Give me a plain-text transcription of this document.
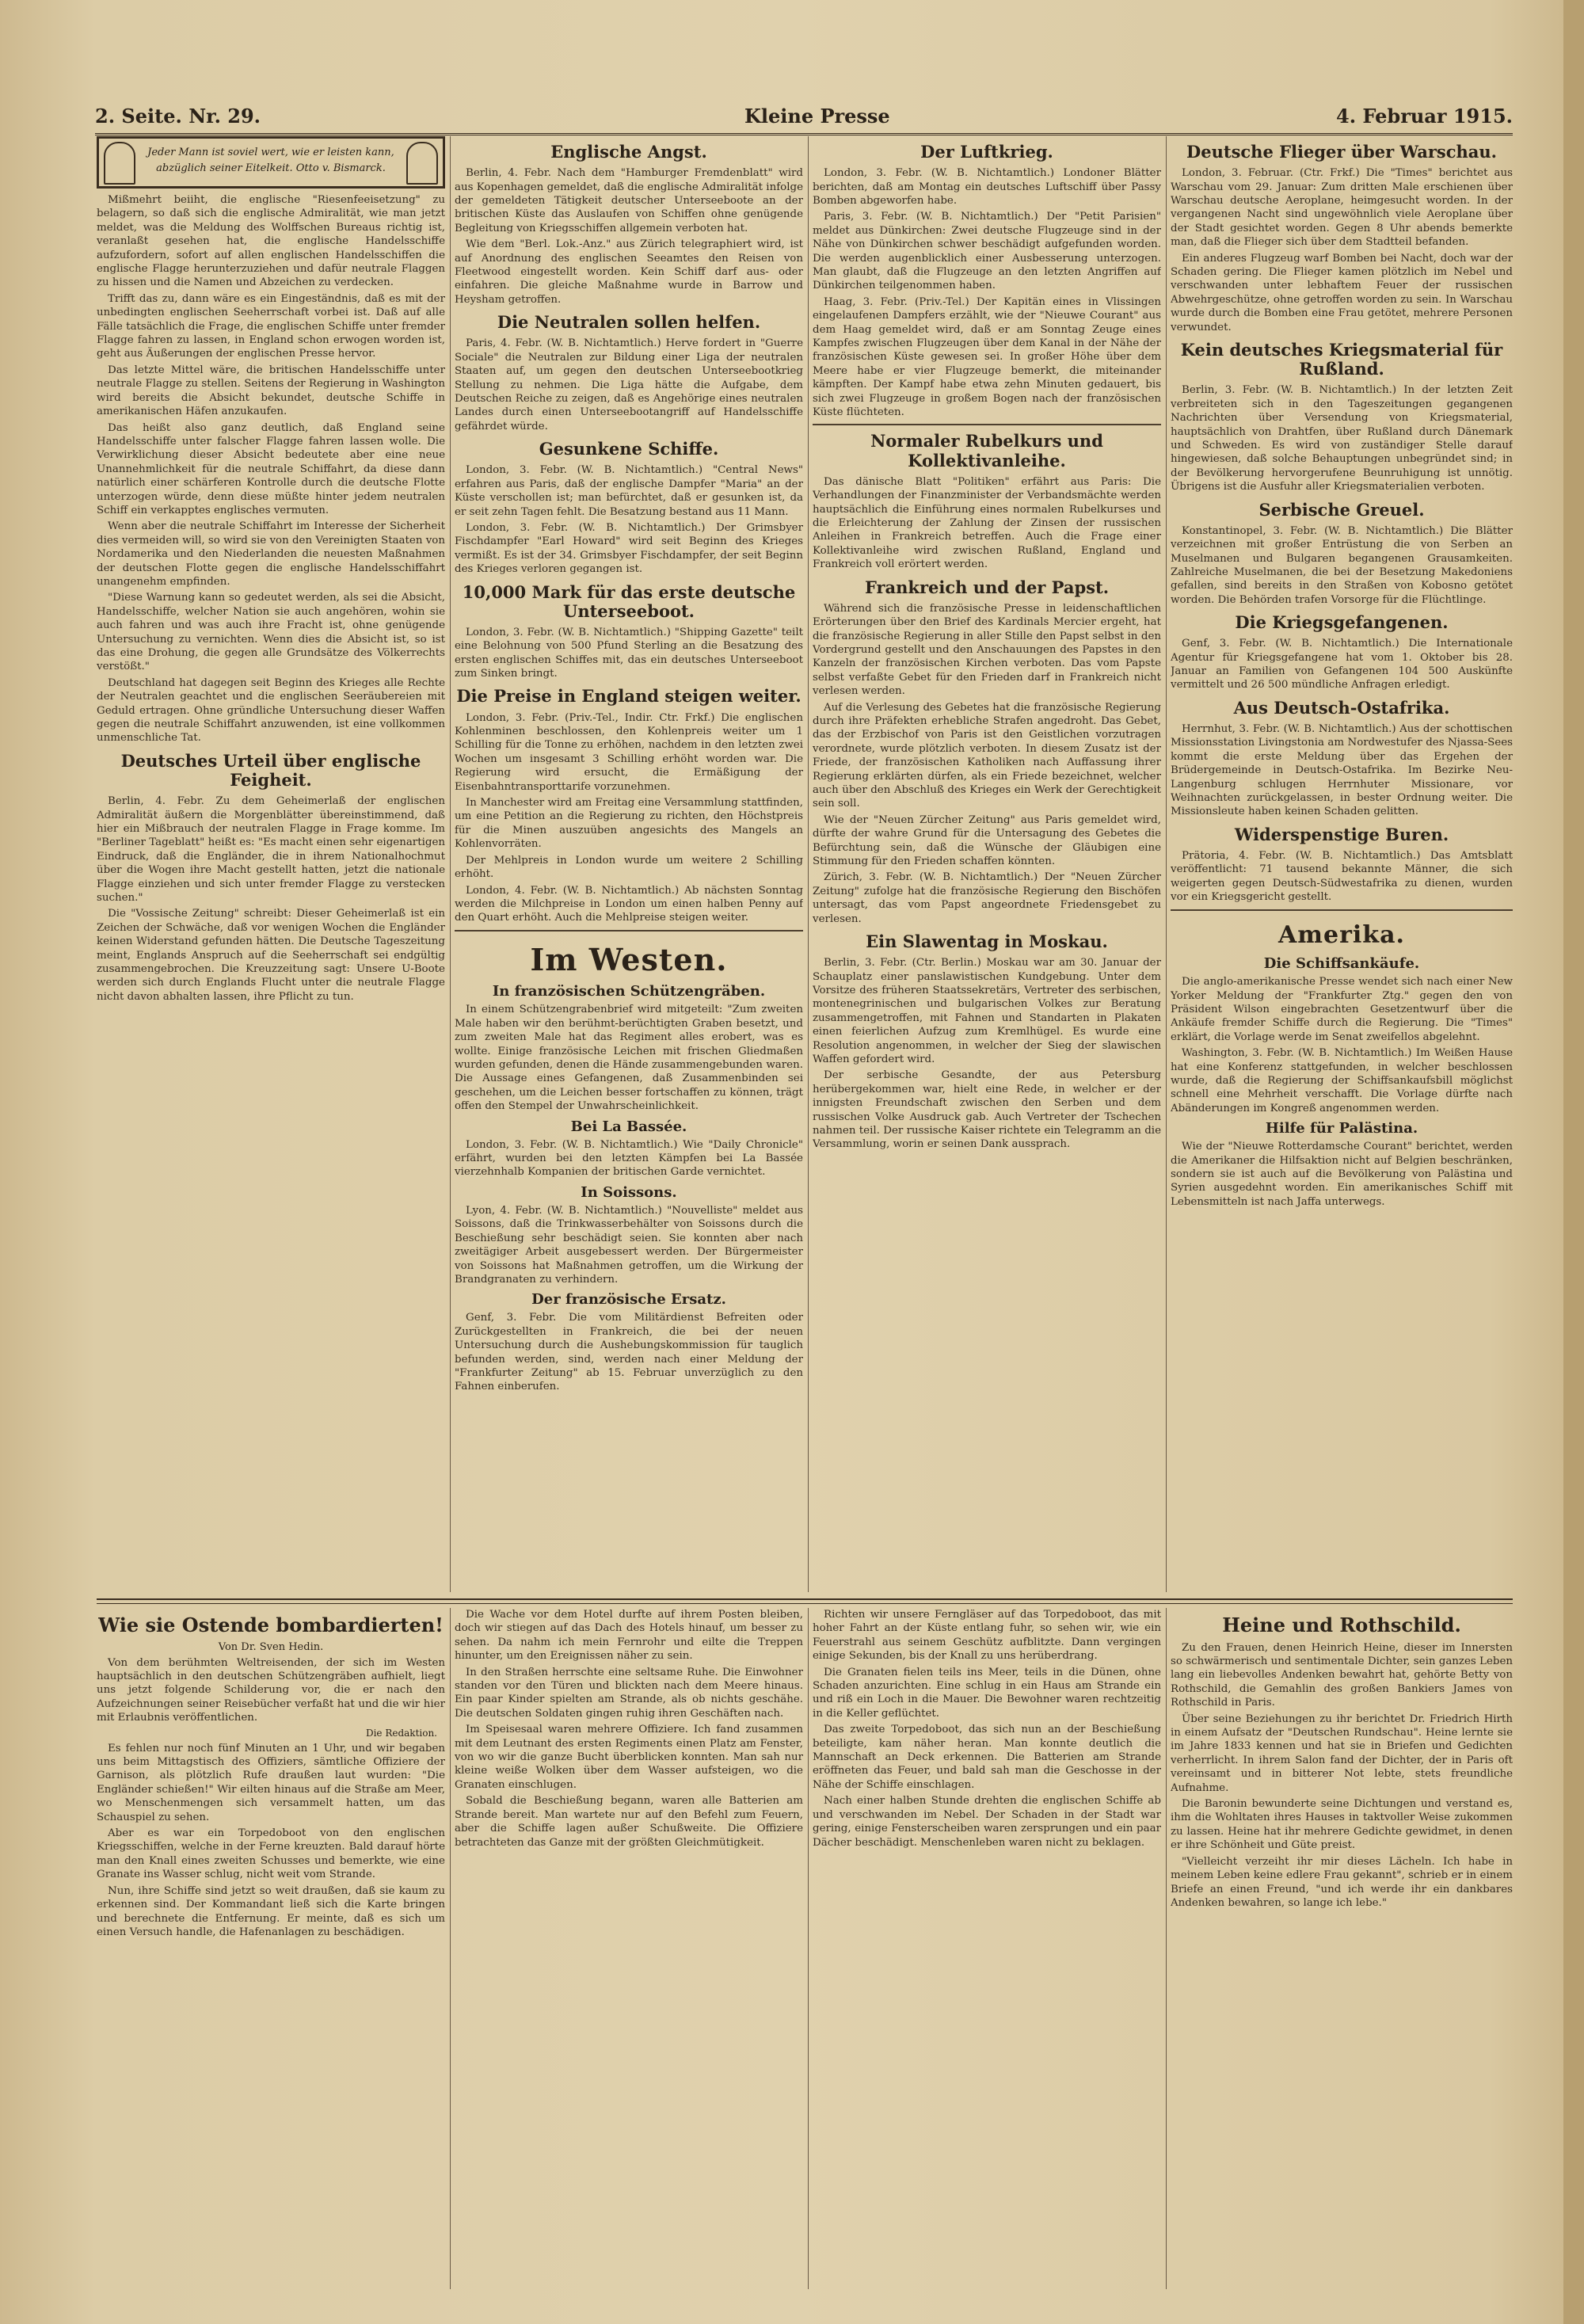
2. Seite. Nr. 29.	Kleine Presse	4. Februar 1915.
Jeder Mann ist soviel wert, wie er leisten kann, abzüglich seiner Eitelkeit. Otto v. Bismarck.

Mißmehrt beiiht, die englische "Riesenfeeisetzung" zu belagern, so daß sich die englische Admiralität, wie man jetzt meldet, was die Meldung des Wolffschen Bureaus richtig ist, veranlaßt gesehen hat, die englische Handelsschiffe aufzufordern, sofort auf allen englischen Handelsschiffen die englische Flagge herunterzuziehen und dafür neutrale Flaggen zu hissen und die Namen und Abzeichen zu verdecken.

Trifft das zu, dann wäre es ein Eingeständnis, daß es mit der unbedingten englischen Seeherrschaft vorbei ist. Daß auf alle Fälle tatsächlich die Frage, die englischen Schiffe unter fremder Flagge fahren zu lassen, in England schon erwogen worden ist, geht aus Äußerungen der englischen Presse hervor.

Das letzte Mittel wäre, die britischen Handelsschiffe unter neutrale Flagge zu stellen. Seitens der Regierung in Washington wird bereits die Absicht bekundet, deutsche Schiffe in amerikanischen Häfen anzukaufen.

Das heißt also ganz deutlich, daß England seine Handelsschiffe unter falscher Flagge fahren lassen wolle. Die Verwirklichung dieser Absicht bedeutete aber eine neue Unannehmlichkeit für die neutrale Schiffahrt, da diese dann natürlich einer schärferen Kontrolle durch die deutsche Flotte unterzogen würde, denn diese müßte hinter jedem neutralen Schiff ein verkapptes englisches vermuten.

Wenn aber die neutrale Schiffahrt im Interesse der Sicherheit dies vermeiden will, so wird sie von den Vereinigten Staaten von Nordamerika und den Niederlanden die neuesten Maßnahmen der deutschen Flotte gegen die englische Handelsschiffahrt unangenehm empfinden.

"Diese Warnung kann so gedeutet werden, als sei die Absicht, Handelsschiffe, welcher Nation sie auch angehören, wohin sie auch fahren und was auch ihre Fracht ist, ohne genügende Untersuchung zu vernichten. Wenn dies die Absicht ist, so ist das eine Drohung, die gegen alle Grundsätze des Völkerrechts verstößt."

Deutschland hat dagegen seit Beginn des Krieges alle Rechte der Neutralen geachtet und die englischen Seeräubereien mit Geduld ertragen. Ohne gründliche Untersuchung dieser Waffen gegen die neutrale Schiffahrt anzuwenden, ist eine vollkommen unmenschliche Tat.

Deutsches Urteil über englische Feigheit.

Berlin, 4. Febr. Zu dem Geheimerlaß der englischen Admiralität äußern die Morgenblätter übereinstimmend, daß hier ein Mißbrauch der neutralen Flagge in Frage komme. Im "Berliner Tageblatt" heißt es: "Es macht einen sehr eigenartigen Eindruck, daß die Engländer, die in ihrem Nationalhochmut über die Wogen ihre Macht gestellt hatten, jetzt die nationale Flagge einziehen und sich unter fremder Flagge zu verstecken suchen."

Die "Vossische Zeitung" schreibt: Dieser Geheimerlaß ist ein Zeichen der Schwäche, daß vor wenigen Wochen die Engländer keinen Widerstand gefunden hätten. Die Deutsche Tageszeitung meint, Englands Anspruch auf die Seeherrschaft sei endgültig zusammengebrochen. Die Kreuzzeitung sagt: Unsere U-Boote werden sich durch Englands Flucht unter die neutrale Flagge nicht davon abhalten lassen, ihre Pflicht zu tun.

Englische Angst.

Berlin, 4. Febr. Nach dem "Hamburger Fremdenblatt" wird aus Kopenhagen gemeldet, daß die englische Admiralität infolge der gemeldeten Tätigkeit deutscher Unterseeboote an der britischen Küste das Auslaufen von Schiffen ohne genügende Begleitung von Kriegsschiffen allgemein verboten hat.

Wie dem "Berl. Lok.-Anz." aus Zürich telegraphiert wird, ist auf Anordnung des englischen Seeamtes den Reisen von Fleetwood eingestellt worden. Kein Schiff darf aus- oder einfahren. Die gleiche Maßnahme wurde in Barrow und Heysham getroffen.

Die Neutralen sollen helfen.

Paris, 4. Febr. (W. B. Nichtamtlich.) Herve fordert in "Guerre Sociale" die Neutralen zur Bildung einer Liga der neutralen Staaten auf, um gegen den deutschen Unterseebootkrieg Stellung zu nehmen. Die Liga hätte die Aufgabe, dem Deutschen Reiche zu zeigen, daß es Angehörige eines neutralen Landes durch einen Unterseebootangriff auf Handelsschiffe gefährdet würde.

Gesunkene Schiffe.

London, 3. Febr. (W. B. Nichtamtlich.) "Central News" erfahren aus Paris, daß der englische Dampfer "Maria" an der Küste verschollen ist; man befürchtet, daß er gesunken ist, da er seit zehn Tagen fehlt. Die Besatzung bestand aus 11 Mann.

London, 3. Febr. (W. B. Nichtamtlich.) Der Grimsbyer Fischdampfer "Earl Howard" wird seit Beginn des Krieges vermißt. Es ist der 34. Grimsbyer Fischdampfer, der seit Beginn des Krieges verloren gegangen ist.

10,000 Mark für das erste deutsche Unterseeboot.

London, 3. Febr. (W. B. Nichtamtlich.) "Shipping Gazette" teilt eine Belohnung von 500 Pfund Sterling an die Besatzung des ersten englischen Schiffes mit, das ein deutsches Unterseeboot zum Sinken bringt.

Die Preise in England steigen weiter.

London, 3. Febr. (Priv.-Tel., Indir. Ctr. Frkf.) Die englischen Kohlenminen beschlossen, den Kohlenpreis weiter um 1 Schilling für die Tonne zu erhöhen, nachdem in den letzten zwei Wochen um insgesamt 3 Schilling erhöht worden war. Die Regierung wird ersucht, die Ermäßigung der Eisenbahntransporttarife vorzunehmen.

In Manchester wird am Freitag eine Versammlung stattfinden, um eine Petition an die Regierung zu richten, den Höchstpreis für die Minen auszuüben angesichts des Mangels an Kohlenvorräten.

Der Mehlpreis in London wurde um weitere 2 Schilling erhöht.

London, 4. Febr. (W. B. Nichtamtlich.) Ab nächsten Sonntag werden die Milchpreise in London um einen halben Penny auf den Quart erhöht. Auch die Mehlpreise steigen weiter.

Im Westen.
In französischen Schützengräben.

In einem Schützengrabenbrief wird mitgeteilt: "Zum zweiten Male haben wir den berühmt-berüchtigten Graben besetzt, und zum zweiten Male hat das Regiment alles erobert, was es wollte. Einige französische Leichen mit frischen Gliedmaßen wurden gefunden, denen die Hände zusammengebunden waren. Die Aussage eines Gefangenen, daß Zusammenbinden sei geschehen, um die Leichen besser fortschaffen zu können, trägt offen den Stempel der Unwahrscheinlichkeit.

Bei La Bassée.

London, 3. Febr. (W. B. Nichtamtlich.) Wie "Daily Chronicle" erfährt, wurden bei den letzten Kämpfen bei La Bassée vierzehnhalb Kompanien der britischen Garde vernichtet.

In Soissons.

Lyon, 4. Febr. (W. B. Nichtamtlich.) "Nouvelliste" meldet aus Soissons, daß die Trinkwasserbehälter von Soissons durch die Beschießung sehr beschädigt seien. Sie konnten aber nach zweitägiger Arbeit ausgebessert werden. Der Bürgermeister von Soissons hat Maßnahmen getroffen, um die Wirkung der Brandgranaten zu verhindern.

Der französische Ersatz.

Genf, 3. Febr. Die vom Militärdienst Befreiten oder Zurückgestellten in Frankreich, die bei der neuen Untersuchung durch die Aushebungskommission für tauglich befunden werden, sind, werden nach einer Meldung der "Frankfurter Zeitung" ab 15. Februar unverzüglich zu den Fahnen einberufen.

Der Luftkrieg.

London, 3. Febr. (W. B. Nichtamtlich.) Londoner Blätter berichten, daß am Montag ein deutsches Luftschiff über Passy Bomben abgeworfen habe.

Paris, 3. Febr. (W. B. Nichtamtlich.) Der "Petit Parisien" meldet aus Dünkirchen: Zwei deutsche Flugzeuge sind in der Nähe von Dünkirchen schwer beschädigt aufgefunden worden. Die werden augenblicklich einer Ausbesserung unterzogen. Man glaubt, daß die Flugzeuge an den letzten Angriffen auf Dünkirchen teilgenommen haben.

Haag, 3. Febr. (Priv.-Tel.) Der Kapitän eines in Vlissingen eingelaufenen Dampfers erzählt, wie der "Nieuwe Courant" aus dem Haag gemeldet wird, daß er am Sonntag Zeuge eines Kampfes zwischen Flugzeugen über dem Kanal in der Nähe der französischen Küste gewesen sei. In großer Höhe über dem Meere habe er vier Flugzeuge bemerkt, die miteinander kämpften. Der Kampf habe etwa zehn Minuten gedauert, bis sich zwei Flugzeuge in großem Bogen nach der französischen Küste flüchteten.

Normaler Rubelkurs und Kollektivanleihe.

Das dänische Blatt "Politiken" erfährt aus Paris: Die Verhandlungen der Finanzminister der Verbandsmächte werden hauptsächlich die Einführung eines normalen Rubelkurses und die Erleichterung der Zahlung der Zinsen der russischen Anleihen in Frankreich betreffen. Auch die Frage einer Kollektivanleihe wird zwischen Rußland, England und Frankreich voll erörtert werden.

Frankreich und der Papst.

Während sich die französische Presse in leidenschaftlichen Erörterungen über den Brief des Kardinals Mercier ergeht, hat die französische Regierung in aller Stille den Papst selbst in den Vordergrund gestellt und den Anschauungen des Papstes in den Kanzeln der französischen Kirchen verboten. Das vom Papste selbst verfaßte Gebet für den Frieden darf in Frankreich nicht verlesen werden.

Auf die Verlesung des Gebetes hat die französische Regierung durch ihre Präfekten erhebliche Strafen angedroht. Das Gebet, das der Erzbischof von Paris ist den Geistlichen vorzutragen verordnete, wurde plötzlich verboten. In diesem Zusatz ist der Friede, der französischen Katholiken nach Auffassung ihrer Regierung erklärten dürfen, als ein Friede bezeichnet, welcher auch über den Abschluß des Krieges ein Werk der Gerechtigkeit sein soll.

Wie der "Neuen Zürcher Zeitung" aus Paris gemeldet wird, dürfte der wahre Grund für die Untersagung des Gebetes die Befürchtung sein, daß die Wünsche der Gläubigen eine Stimmung für den Frieden schaffen könnten.

Zürich, 3. Febr. (W. B. Nichtamtlich.) Der "Neuen Zürcher Zeitung" zufolge hat die französische Regierung den Bischöfen untersagt, das vom Papst angeordnete Friedensgebet zu verlesen.

Ein Slawentag in Moskau.

Berlin, 3. Febr. (Ctr. Berlin.) Moskau war am 30. Januar der Schauplatz einer panslawistischen Kundgebung. Unter dem Vorsitze des früheren Staatssekretärs, Vertreter des serbischen, montenegrinischen und bulgarischen Volkes zur Beratung zusammengetroffen, mit Fahnen und Standarten in Plakaten einen feierlichen Aufzug zum Kremlhügel. Es wurde eine Resolution angenommen, in welcher der Sieg der slawischen Waffen gefordert wird.

Der serbische Gesandte, der aus Petersburg herübergekommen war, hielt eine Rede, in welcher er der innigsten Freundschaft zwischen den Serben und dem russischen Volke Ausdruck gab. Auch Vertreter der Tschechen nahmen teil. Der russische Kaiser richtete ein Telegramm an die Versammlung, worin er seinen Dank aussprach.

Deutsche Flieger über Warschau.

London, 3. Februar. (Ctr. Frkf.) Die "Times" berichtet aus Warschau vom 29. Januar: Zum dritten Male erschienen über Warschau deutsche Aeroplane, heimgesucht worden. In der vergangenen Nacht sind ungewöhnlich viele Aeroplane über der Stadt gesichtet worden. Gegen 8 Uhr abends bemerkte man, daß die Flieger sich über dem Stadtteil befanden.

Ein anderes Flugzeug warf Bomben bei Nacht, doch war der Schaden gering. Die Flieger kamen plötzlich im Nebel und verschwanden unter lebhaftem Feuer der russischen Abwehrgeschütze, ohne getroffen worden zu sein. In Warschau wurde durch die Bomben eine Frau getötet, mehrere Personen verwundet.

Kein deutsches Kriegsmaterial für Rußland.

Berlin, 3. Febr. (W. B. Nichtamtlich.) In der letzten Zeit verbreiteten sich in den Tageszeitungen gegangenen Nachrichten über Versendung von Kriegsmaterial, hauptsächlich von Drahtfen, über Rußland durch Dänemark und Schweden. Es wird von zuständiger Stelle darauf hingewiesen, daß solche Behauptungen unbegründet sind; in der Bevölkerung hervorgerufene Beunruhigung ist unnötig. Übrigens ist die Ausfuhr aller Kriegsmaterialien verboten.

Serbische Greuel.

Konstantinopel, 3. Febr. (W. B. Nichtamtlich.) Die Blätter verzeichnen mit großer Entrüstung die von Serben an Muselmanen und Bulgaren begangenen Grausamkeiten. Zahlreiche Muselmanen, die bei der Besetzung Makedoniens gefallen, sind bereits in den Straßen von Kobosno getötet worden. Die Behörden trafen Vorsorge für die Flüchtlinge.

Die Kriegsgefangenen.

Genf, 3. Febr. (W. B. Nichtamtlich.) Die Internationale Agentur für Kriegsgefangene hat vom 1. Oktober bis 28. Januar an Familien von Gefangenen 104 500 Auskünfte vermittelt und 26 500 mündliche Anfragen erledigt.

Aus Deutsch-Ostafrika.

Herrnhut, 3. Febr. (W. B. Nichtamtlich.) Aus der schottischen Missionsstation Livingstonia am Nordwestufer des Njassa-Sees kommt die erste Meldung über das Ergehen der Brüdergemeinde in Deutsch-Ostafrika. Im Bezirke Neu-Langenburg schlugen Herrnhuter Missionare, vor Weihnachten zurückgelassen, in bester Ordnung weiter. Die Missionsleute haben keinen Schaden gelitten.

Widerspenstige Buren.

Prätoria, 4. Febr. (W. B. Nichtamtlich.) Das Amtsblatt veröffentlicht: 71 tausend bekannte Männer, die sich weigerten gegen Deutsch-Südwestafrika zu dienen, wurden vor ein Kriegsgericht gestellt.

Amerika.
Die Schiffsankäufe.

Die anglo-amerikanische Presse wendet sich nach einer New Yorker Meldung der "Frankfurter Ztg." gegen den von Präsident Wilson eingebrachten Gesetzentwurf über die Ankäufe fremder Schiffe durch die Regierung. Die "Times" erklärt, die Vorlage werde im Senat zweifellos abgelehnt.

Washington, 3. Febr. (W. B. Nichtamtlich.) Im Weißen Hause hat eine Konferenz stattgefunden, in welcher beschlossen wurde, daß die Regierung der Schiffsankaufsbill möglichst schnell eine Mehrheit verschafft. Die Vorlage dürfte nach Abänderungen im Kongreß angenommen werden.

Hilfe für Palästina.

Wie der "Nieuwe Rotterdamsche Courant" berichtet, werden die Amerikaner die Hilfsaktion nicht auf Belgien beschränken, sondern sie ist auch auf die Bevölkerung von Palästina und Syrien ausgedehnt worden. Ein amerikanisches Schiff mit Lebensmitteln ist nach Jaffa unterwegs.

Wie sie Ostende bombardierten!
Von Dr. Sven Hedin.

Von dem berühmten Weltreisenden, der sich im Westen hauptsächlich in den deutschen Schützengräben aufhielt, liegt uns jetzt folgende Schilderung vor, die er nach den Aufzeichnungen seiner Reisebücher verfaßt hat und die wir hier mit Erlaubnis veröffentlichen.

Die Redaktion.

Es fehlen nur noch fünf Minuten an 1 Uhr, und wir begaben uns beim Mittagstisch des Offiziers, sämtliche Offiziere der Garnison, als plötzlich Rufe draußen laut wurden: "Die Engländer schießen!" Wir eilten hinaus auf die Straße am Meer, wo Menschenmengen sich versammelt hatten, um das Schauspiel zu sehen.

Aber es war ein Torpedoboot von den englischen Kriegsschiffen, welche in der Ferne kreuzten. Bald darauf hörte man den Knall eines zweiten Schusses und bemerkte, wie eine Granate ins Wasser schlug, nicht weit vom Strande.

Nun, ihre Schiffe sind jetzt so weit draußen, daß sie kaum zu erkennen sind. Der Kommandant ließ sich die Karte bringen und berechnete die Entfernung. Er meinte, daß es sich um einen Versuch handle, die Hafenanlagen zu beschädigen.

Die Wache vor dem Hotel durfte auf ihrem Posten bleiben, doch wir stiegen auf das Dach des Hotels hinauf, um besser zu sehen. Da nahm ich mein Fernrohr und eilte die Treppen hinunter, um den Ereignissen näher zu sein.

In den Straßen herrschte eine seltsame Ruhe. Die Einwohner standen vor den Türen und blickten nach dem Meere hinaus. Ein paar Kinder spielten am Strande, als ob nichts geschähe. Die deutschen Soldaten gingen ruhig ihren Geschäften nach.

Im Speisesaal waren mehrere Offiziere. Ich fand zusammen mit dem Leutnant des ersten Regiments einen Platz am Fenster, von wo wir die ganze Bucht überblicken konnten. Man sah nur kleine weiße Wolken über dem Wasser aufsteigen, wo die Granaten einschlugen.

Sobald die Beschießung begann, waren alle Batterien am Strande bereit. Man wartete nur auf den Befehl zum Feuern, aber die Schiffe lagen außer Schußweite. Die Offiziere betrachteten das Ganze mit der größten Gleichmütigkeit.

Richten wir unsere Ferngläser auf das Torpedoboot, das mit hoher Fahrt an der Küste entlang fuhr, so sehen wir, wie ein Feuerstrahl aus seinem Geschütz aufblitzte. Dann vergingen einige Sekunden, bis der Knall zu uns herüberdrang.

Die Granaten fielen teils ins Meer, teils in die Dünen, ohne Schaden anzurichten. Eine schlug in ein Haus am Strande ein und riß ein Loch in die Mauer. Die Bewohner waren rechtzeitig in die Keller geflüchtet.

Das zweite Torpedoboot, das sich nun an der Beschießung beteiligte, kam näher heran. Man konnte deutlich die Mannschaft an Deck erkennen. Die Batterien am Strande eröffneten das Feuer, und bald sah man die Geschosse in der Nähe der Schiffe einschlagen.

Nach einer halben Stunde drehten die englischen Schiffe ab und verschwanden im Nebel. Der Schaden in der Stadt war gering, einige Fensterscheiben waren zersprungen und ein paar Dächer beschädigt. Menschenleben waren nicht zu beklagen.

Heine und Rothschild.

Zu den Frauen, denen Heinrich Heine, dieser im Innersten so schwärmerisch und sentimentale Dichter, sein ganzes Leben lang ein liebevolles Andenken bewahrt hat, gehörte Betty von Rothschild, die Gemahlin des großen Bankiers James von Rothschild in Paris.

Über seine Beziehungen zu ihr berichtet Dr. Friedrich Hirth in einem Aufsatz der "Deutschen Rundschau". Heine lernte sie im Jahre 1833 kennen und hat sie in Briefen und Gedichten verherrlicht. In ihrem Salon fand der Dichter, der in Paris oft vereinsamt und in bitterer Not lebte, stets freundliche Aufnahme.

Die Baronin bewunderte seine Dichtungen und verstand es, ihm die Wohltaten ihres Hauses in taktvoller Weise zukommen zu lassen. Heine hat ihr mehrere Gedichte gewidmet, in denen er ihre Schönheit und Güte preist.

"Vielleicht verzeiht ihr mir dieses Lächeln. Ich habe in meinem Leben keine edlere Frau gekannt", schrieb er in einem Briefe an einen Freund, "und ich werde ihr ein dankbares Andenken bewahren, so lange ich lebe."
